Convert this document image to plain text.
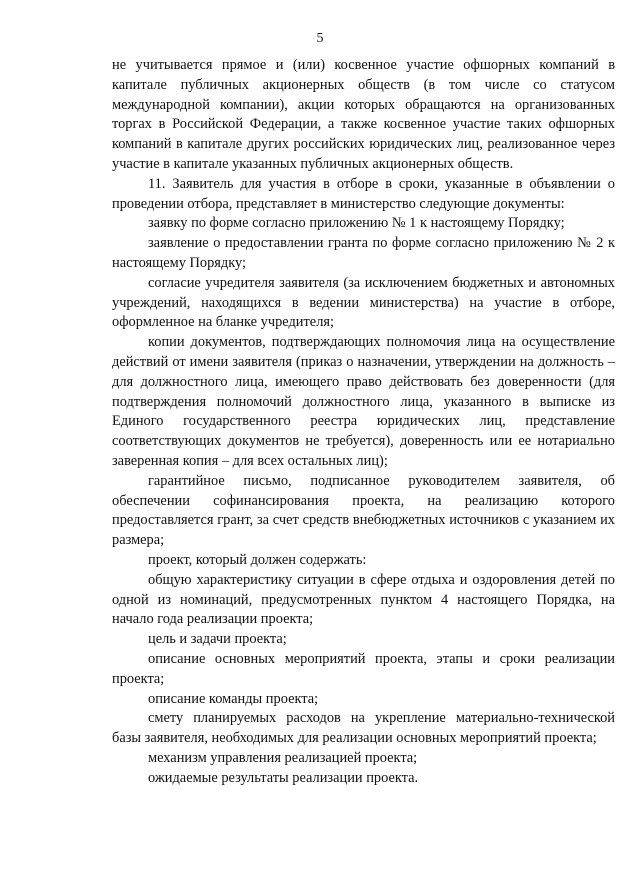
5

не учитывается прямое и (или) косвенное участие офшорных компаний в капитале публичных акционерных обществ (в том числе со статусом международной компании), акции которых обращаются на организованных торгах в Российской Федерации, а также косвенное участие таких офшорных компаний в капитале других российских юридических лиц, реализованное через участие в капитале указанных публичных акционерных обществ.

11. Заявитель для участия в отборе в сроки, указанные в объявлении о проведении отбора, представляет в министерство следующие документы:

заявку по форме согласно приложению № 1 к настоящему Порядку;

заявление о предоставлении гранта по форме согласно приложению № 2 к настоящему Порядку;

согласие учредителя заявителя (за исключением бюджетных и автономных учреждений, находящихся в ведении министерства) на участие в отборе, оформленное на бланке учредителя;

копии документов, подтверждающих полномочия лица на осуществление действий от имени заявителя (приказ о назначении, утверждении на должность – для должностного лица, имеющего право действовать без доверенности (для подтверждения полномочий должностного лица, указанного в выписке из Единого государственного реестра юридических лиц, представление соответствующих документов не требуется), доверенность или ее нотариально заверенная копия – для всех остальных лиц);

гарантийное письмо, подписанное руководителем заявителя, об обеспечении софинансирования проекта, на реализацию которого предоставляется грант, за счет средств внебюджетных источников с указанием их размера;

проект, который должен содержать:

общую характеристику ситуации в сфере отдыха и оздоровления детей по одной из номинаций, предусмотренных пунктом 4 настоящего Порядка, на начало года реализации проекта;

цель и задачи проекта;

описание основных мероприятий проекта, этапы и сроки реализации проекта;

описание команды проекта;

смету планируемых расходов на укрепление материально-технической базы заявителя, необходимых для реализации основных мероприятий проекта;

механизм управления реализацией проекта;

ожидаемые результаты реализации проекта.
